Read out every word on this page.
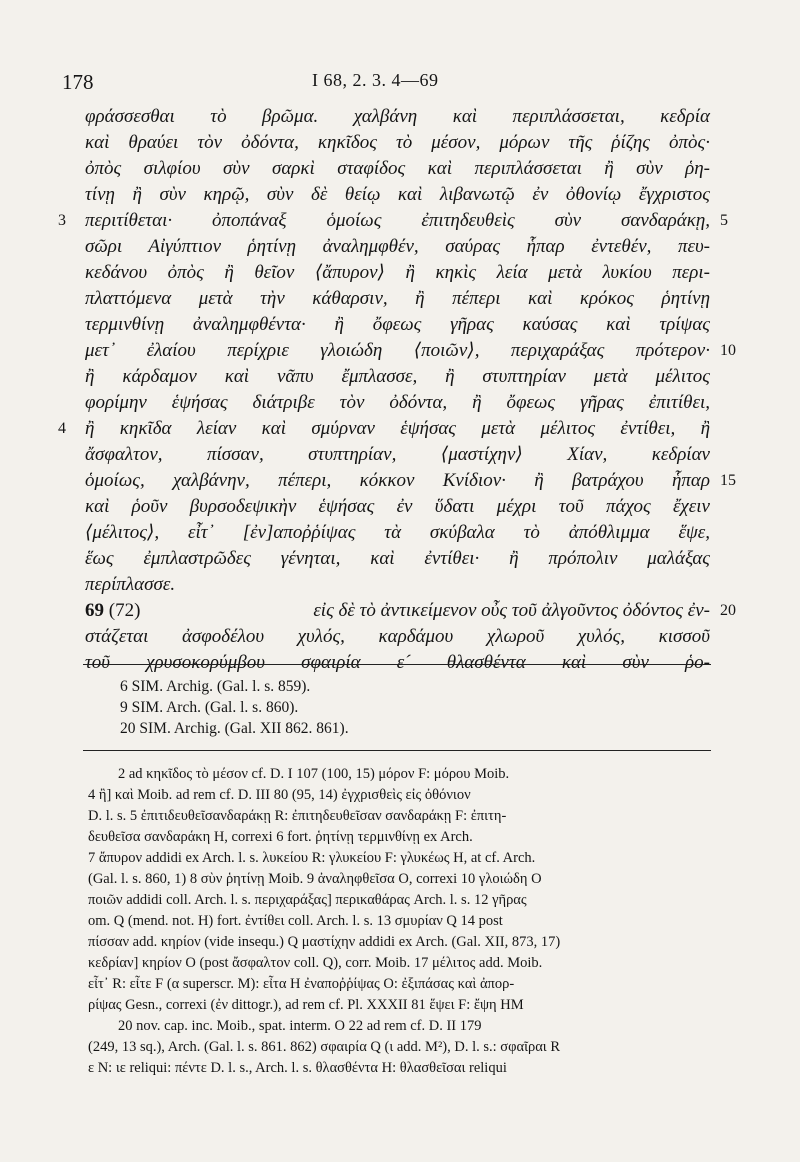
178	I 68, 2. 3. 4—69
φράσσεσθαι τὸ βρῶμα. χαλβάνη καὶ περιπλάσσεται, κεδρία
καὶ θραύει τὸν ὀδόντα, κηκῖδος τὸ μέσον, μόρων τῆς ῥίζης ὀπὸς·
ὀπὸς σιλφίου σὺν σαρκὶ σταφίδος καὶ περιπλάσσεται ἢ σὺν ῥη-
τίνῃ ἢ σὺν κηρῷ, σὺν δὲ θείῳ καὶ λιβανωτῷ ἐν ὀθονίῳ ἔγχριστος
περιτίθεται· ὀποπάναξ ὁμοίως ἐπιτηδευθεὶς σὺν σανδαράκῃ,
σῶρι Αἰγύπτιον ῥητίνῃ ἀναλημφθέν, σαύρας ἧπαρ ἐντεθέν, πευ-
κεδάνου ὀπὸς ἢ θεῖον ⟨ἄπυρον⟩ ἢ κηκὶς λεία μετὰ λυκίου περι-
πλαττόμενα μετὰ τὴν κάθαρσιν, ἢ πέπερι καὶ κρόκος ῥητίνῃ
τερμινθίνῃ ἀναλημφθέντα· ἢ ὄφεως γῆρας καύσας καὶ τρίψας
μετ᾽ ἐλαίου περίχριε γλοιώδη ⟨ποιῶν⟩, περιχαράξας πρότερον·
ἢ κάρδαμον καὶ νᾶπυ ἔμπλασσε, ἢ στυπτηρίαν μετὰ μέλιτος
φορίμην ἑψήσας διάτριβε τὸν ὀδόντα, ἢ ὄφεως γῆρας ἐπιτίθει,
ἢ κηκῖδα λείαν καὶ σμύρναν ἑψήσας μετὰ μέλιτος ἐντίθει, ἢ
ἄσφαλτον, πίσσαν, στυπτηρίαν, ⟨μαστίχην⟩ Χίαν, κεδρίαν
ὁμοίως, χαλβάνην, πέπερι, κόκκον Κνίδιον· ἢ βατράχου ἧπαρ
καὶ ῥοῦν βυρσοδεψικὴν ἑψήσας ἐν ὕδατι μέχρι τοῦ πάχος ἔχειν
⟨μέλιτος⟩, εἶτ᾽ [ἐν]αποῤῥίψας τὰ σκύβαλα τὸ ἀπόθλιμμα ἕψε,
ἕως ἐμπλαστρῶδες γένηται, καὶ ἐντίθει· ἢ πρόπολιν μαλάξας
περίπλασσε.
69 (72)	εἰς δὲ τὸ ἀντικείμενον οὖς τοῦ ἀλγοῦντος ὀδόντος ἐν-
στάζεται ἀσφοδέλου χυλός, καρδάμου χλωροῦ χυλός, κισσοῦ
τοῦ χρυσοκορύμβου σφαιρία ε´ θλασθέντα καὶ σὺν ῥο-
5
10
15
20
3
4
6 SIM. Archig. (Gal. l. s. 859).
9 SIM. Arch. (Gal. l. s. 860).
20 SIM. Archig. (Gal. XII 862. 861).
2 ad κηκῖδος τὸ μέσον cf. D. I 107 (100, 15) μόρον F: μόρου Moib.
4 ἢ] καὶ Moib. ad rem cf. D. III 80 (95, 14) ἐγχρισθεὶς εἰς ὀθόνιον
D. l. s. 5 ἐπιτιδευθεῖσανδαράκῃ R: ἐπιτηδευθεῖσαν σανδαράκῃ F: ἐπιτη-
δευθεῖσα σανδαράκη H, correxi 6 fort. ῥητίνῃ τερμινθίνῃ ex Arch.
7 ἄπυρον addidi ex Arch. l. s. λυκείου R: γλυκείου F: γλυκέως H, at cf. Arch.
(Gal. l. s. 860, 1) 8 σὺν ῥητίνῃ Moib. 9 ἀναληφθεῖσα O, correxi 10 γλοιώδη O
ποιῶν addidi coll. Arch. l. s. περιχαράξας] περικαθάρας Arch. l. s. 12 γῆρας
om. Q (mend. not. H) fort. ἐντίθει coll. Arch. l. s. 13 σμυρίαν Q 14 post
πίσσαν add. κηρίον (vide insequ.) Q μαστίχην addidi ex Arch. (Gal. XII, 873, 17)
κεδρίαν] κηρίον O (post ἄσφαλτον coll. Q), corr. Moib. 17 μέλιτος add. Moib.
εἶτ᾽ R: εἶτε F (α superscr. M): εἶτα H ἐναποῤῥίψας O: ἐξιπάσας καὶ ἀπορ-
ρίψας Gesn., correxi (ἐν dittogr.), ad rem cf. Pl. XXXII 81 ἕψει F: ἔψη HM
20 nov. cap. inc. Moib., spat. interm. O 22 ad rem cf. D. II 179
(249, 13 sq.), Arch. (Gal. l. s. 861. 862) σφαιρία Q (ι add. M²), D. l. s.: σφαῖραι R
ε N: ιε reliqui: πέντε D. l. s., Arch. l. s. θλασθέντα H: θλασθεῖσαι reliqui
